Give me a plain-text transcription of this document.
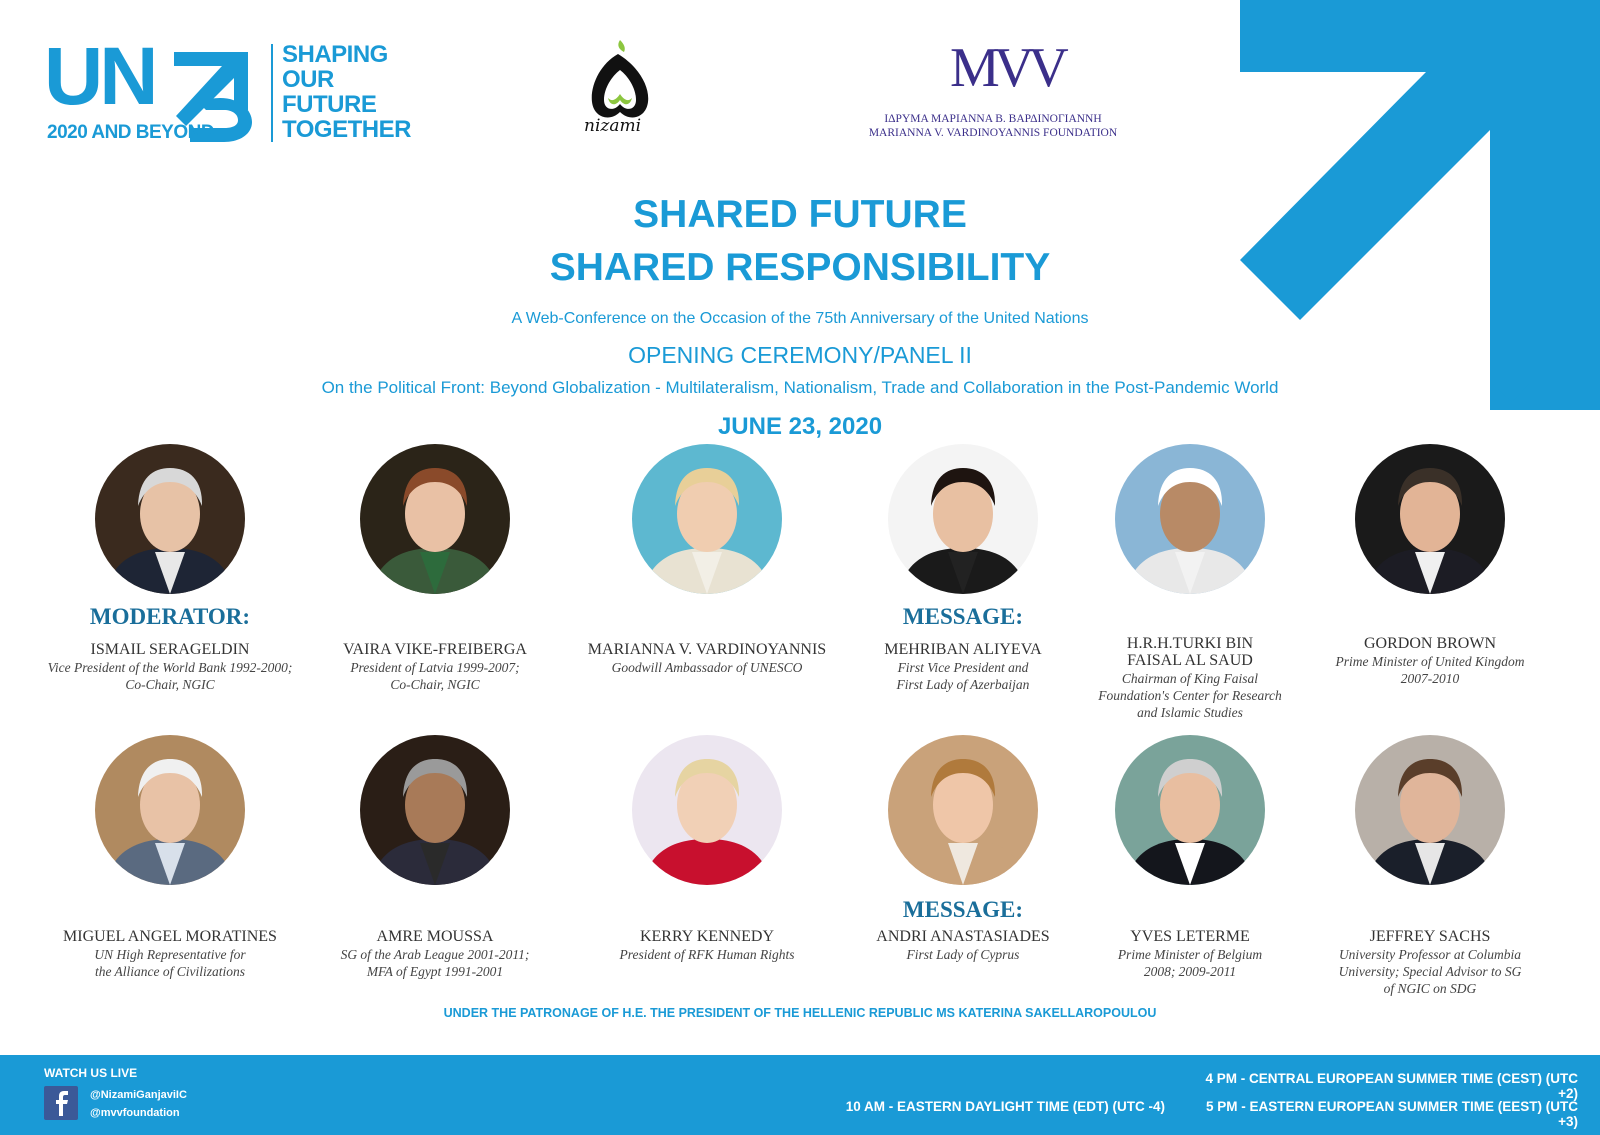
UN
2020 AND BEYOND
SHAPING
OUR
FUTURE
TOGETHER	nizami
MVV
ΙΔΡΥΜΑ ΜΑΡΙΑΝΝΑ Β. ΒΑΡΔΙΝΟΓΙΑΝΝΗ
MARIANNA V. VARDINOYANNIS FOUNDATION
SHARED FUTURE
SHARED RESPONSIBILITY
A Web-Conference on the Occasion of the 75th Anniversary of the United Nations
OPENING CEREMONY/PANEL II
On the Political Front: Beyond Globalization - Multilateralism, Nationalism, Trade and Collaboration in the Post-Pandemic World
JUNE 23, 2020
MODERATOR:
ISMAIL SERAGELDIN
Vice President of the World Bank 1992-2000;
Co-Chair, NGIC
VAIRA VIKE-FREIBERGA
President of Latvia 1999-2007;
Co-Chair, NGIC
MARIANNA V. VARDINOYANNIS
Goodwill Ambassador of UNESCO
MESSAGE:
MEHRIBAN ALIYEVA
First Vice President and
First Lady of Azerbaijan
H.R.H.TURKI BIN
FAISAL AL SAUD
Chairman of King Faisal
Foundation's Center for Research
and Islamic Studies
GORDON BROWN
Prime Minister of United Kingdom
2007-2010
MIGUEL ANGEL MORATINES
UN High Representative for
the Alliance of Civilizations
AMRE MOUSSA
SG of the Arab League 2001-2011;
MFA of Egypt 1991-2001
KERRY KENNEDY
President of RFK Human Rights
MESSAGE:
ANDRI ANASTASIADES
First Lady of Cyprus
YVES LETERME
Prime Minister of Belgium
2008; 2009-2011
JEFFREY SACHS
University Professor at Columbia
University; Special Advisor to SG
of NGIC on SDG
UNDER THE PATRONAGE OF H.E. THE PRESIDENT OF THE HELLENIC REPUBLIC MS KATERINA SAKELLAROPOULOU
WATCH US LIVE
@NizamiGanjaviIC
@mvvfoundation
4 PM - CENTRAL EUROPEAN SUMMER TIME (CEST) (UTC +2)
10 AM - EASTERN DAYLIGHT TIME (EDT) (UTC -4)	5 PM - EASTERN EUROPEAN SUMMER TIME (EEST) (UTC +3)
